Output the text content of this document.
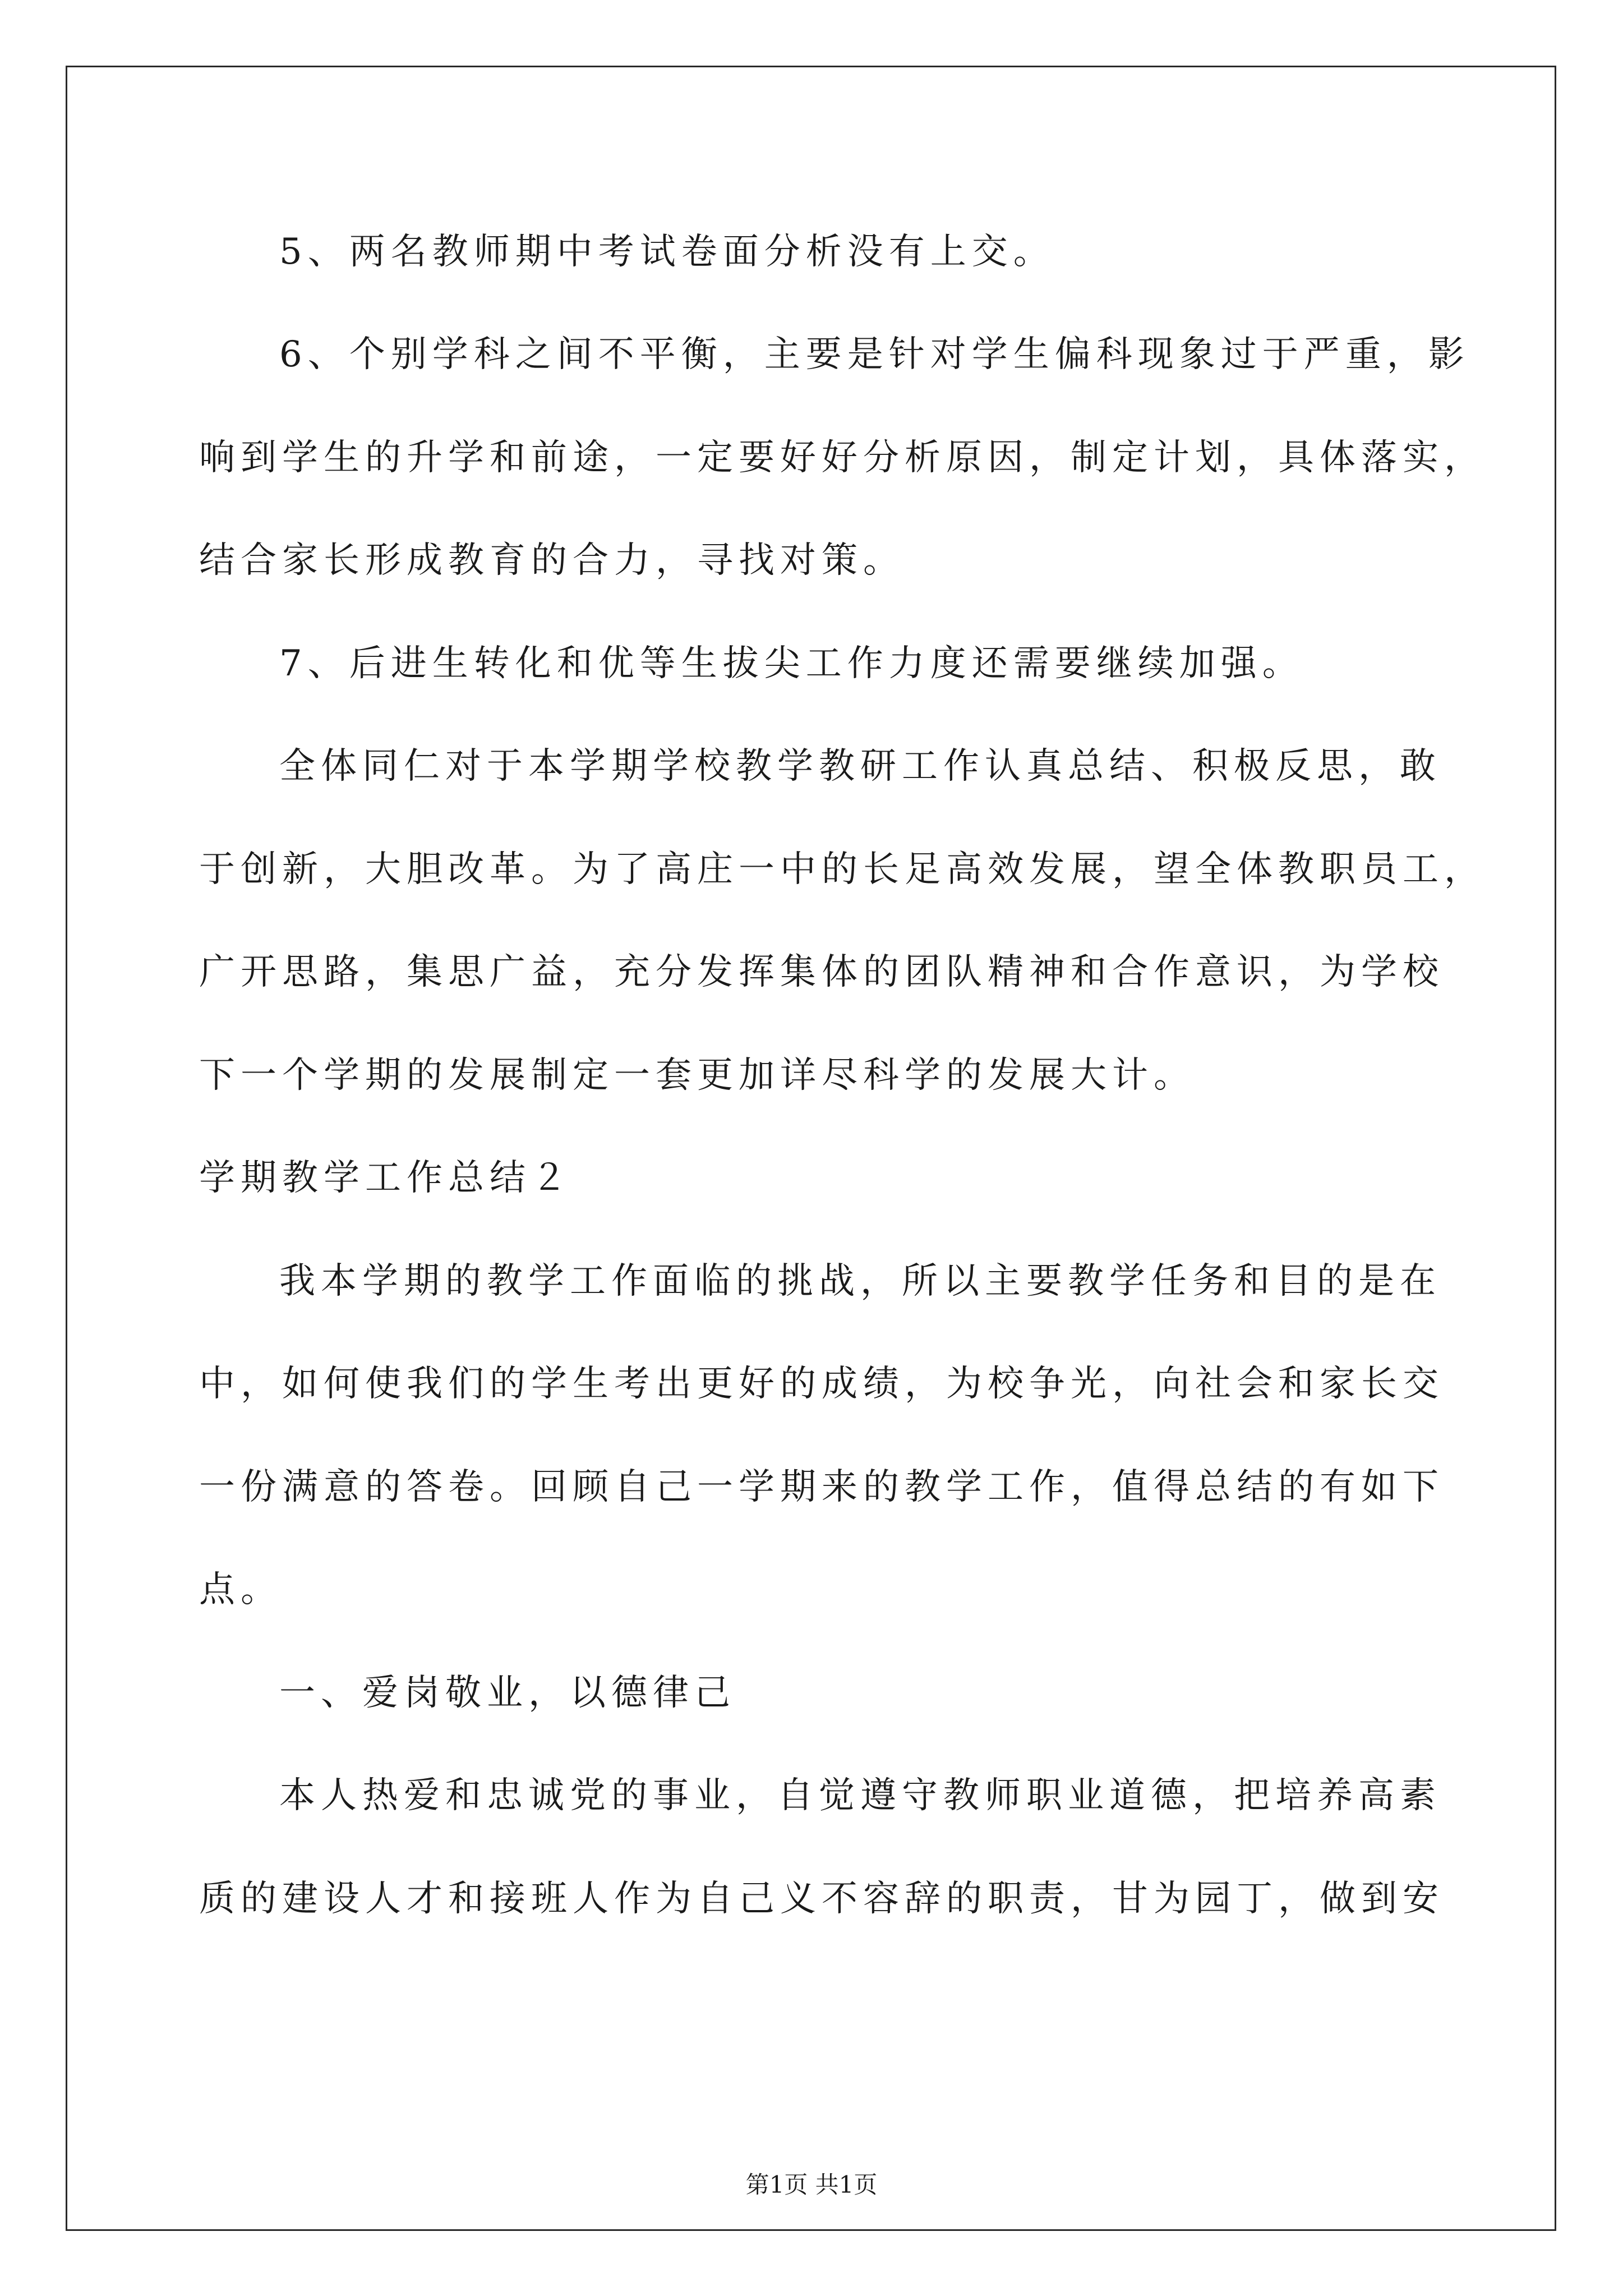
5、两名教师期中考试卷面分析没有上交。
6、个别学科之间不平衡，主要是针对学生偏科现象过于严重，影
响到学生的升学和前途，一定要好好分析原因，制定计划，具体落实，
结合家长形成教育的合力，寻找对策。
7、后进生转化和优等生拔尖工作力度还需要继续加强。
全体同仁对于本学期学校教学教研工作认真总结、积极反思，敢
于创新，大胆改革。为了高庄一中的长足高效发展，望全体教职员工，
广开思路，集思广益，充分发挥集体的团队精神和合作意识，为学校
下一个学期的发展制定一套更加详尽科学的发展大计。
学期教学工作总结２
我本学期的教学工作面临的挑战，所以主要教学任务和目的是在
中，如何使我们的学生考出更好的成绩，为校争光，向社会和家长交
一份满意的答卷。回顾自己一学期来的教学工作，值得总结的有如下
点。
一、爱岗敬业，以德律己
本人热爱和忠诚党的事业，自觉遵守教师职业道德，把培养高素
质的建设人才和接班人作为自己义不容辞的职责，甘为园丁，做到安
第1页 共1页
